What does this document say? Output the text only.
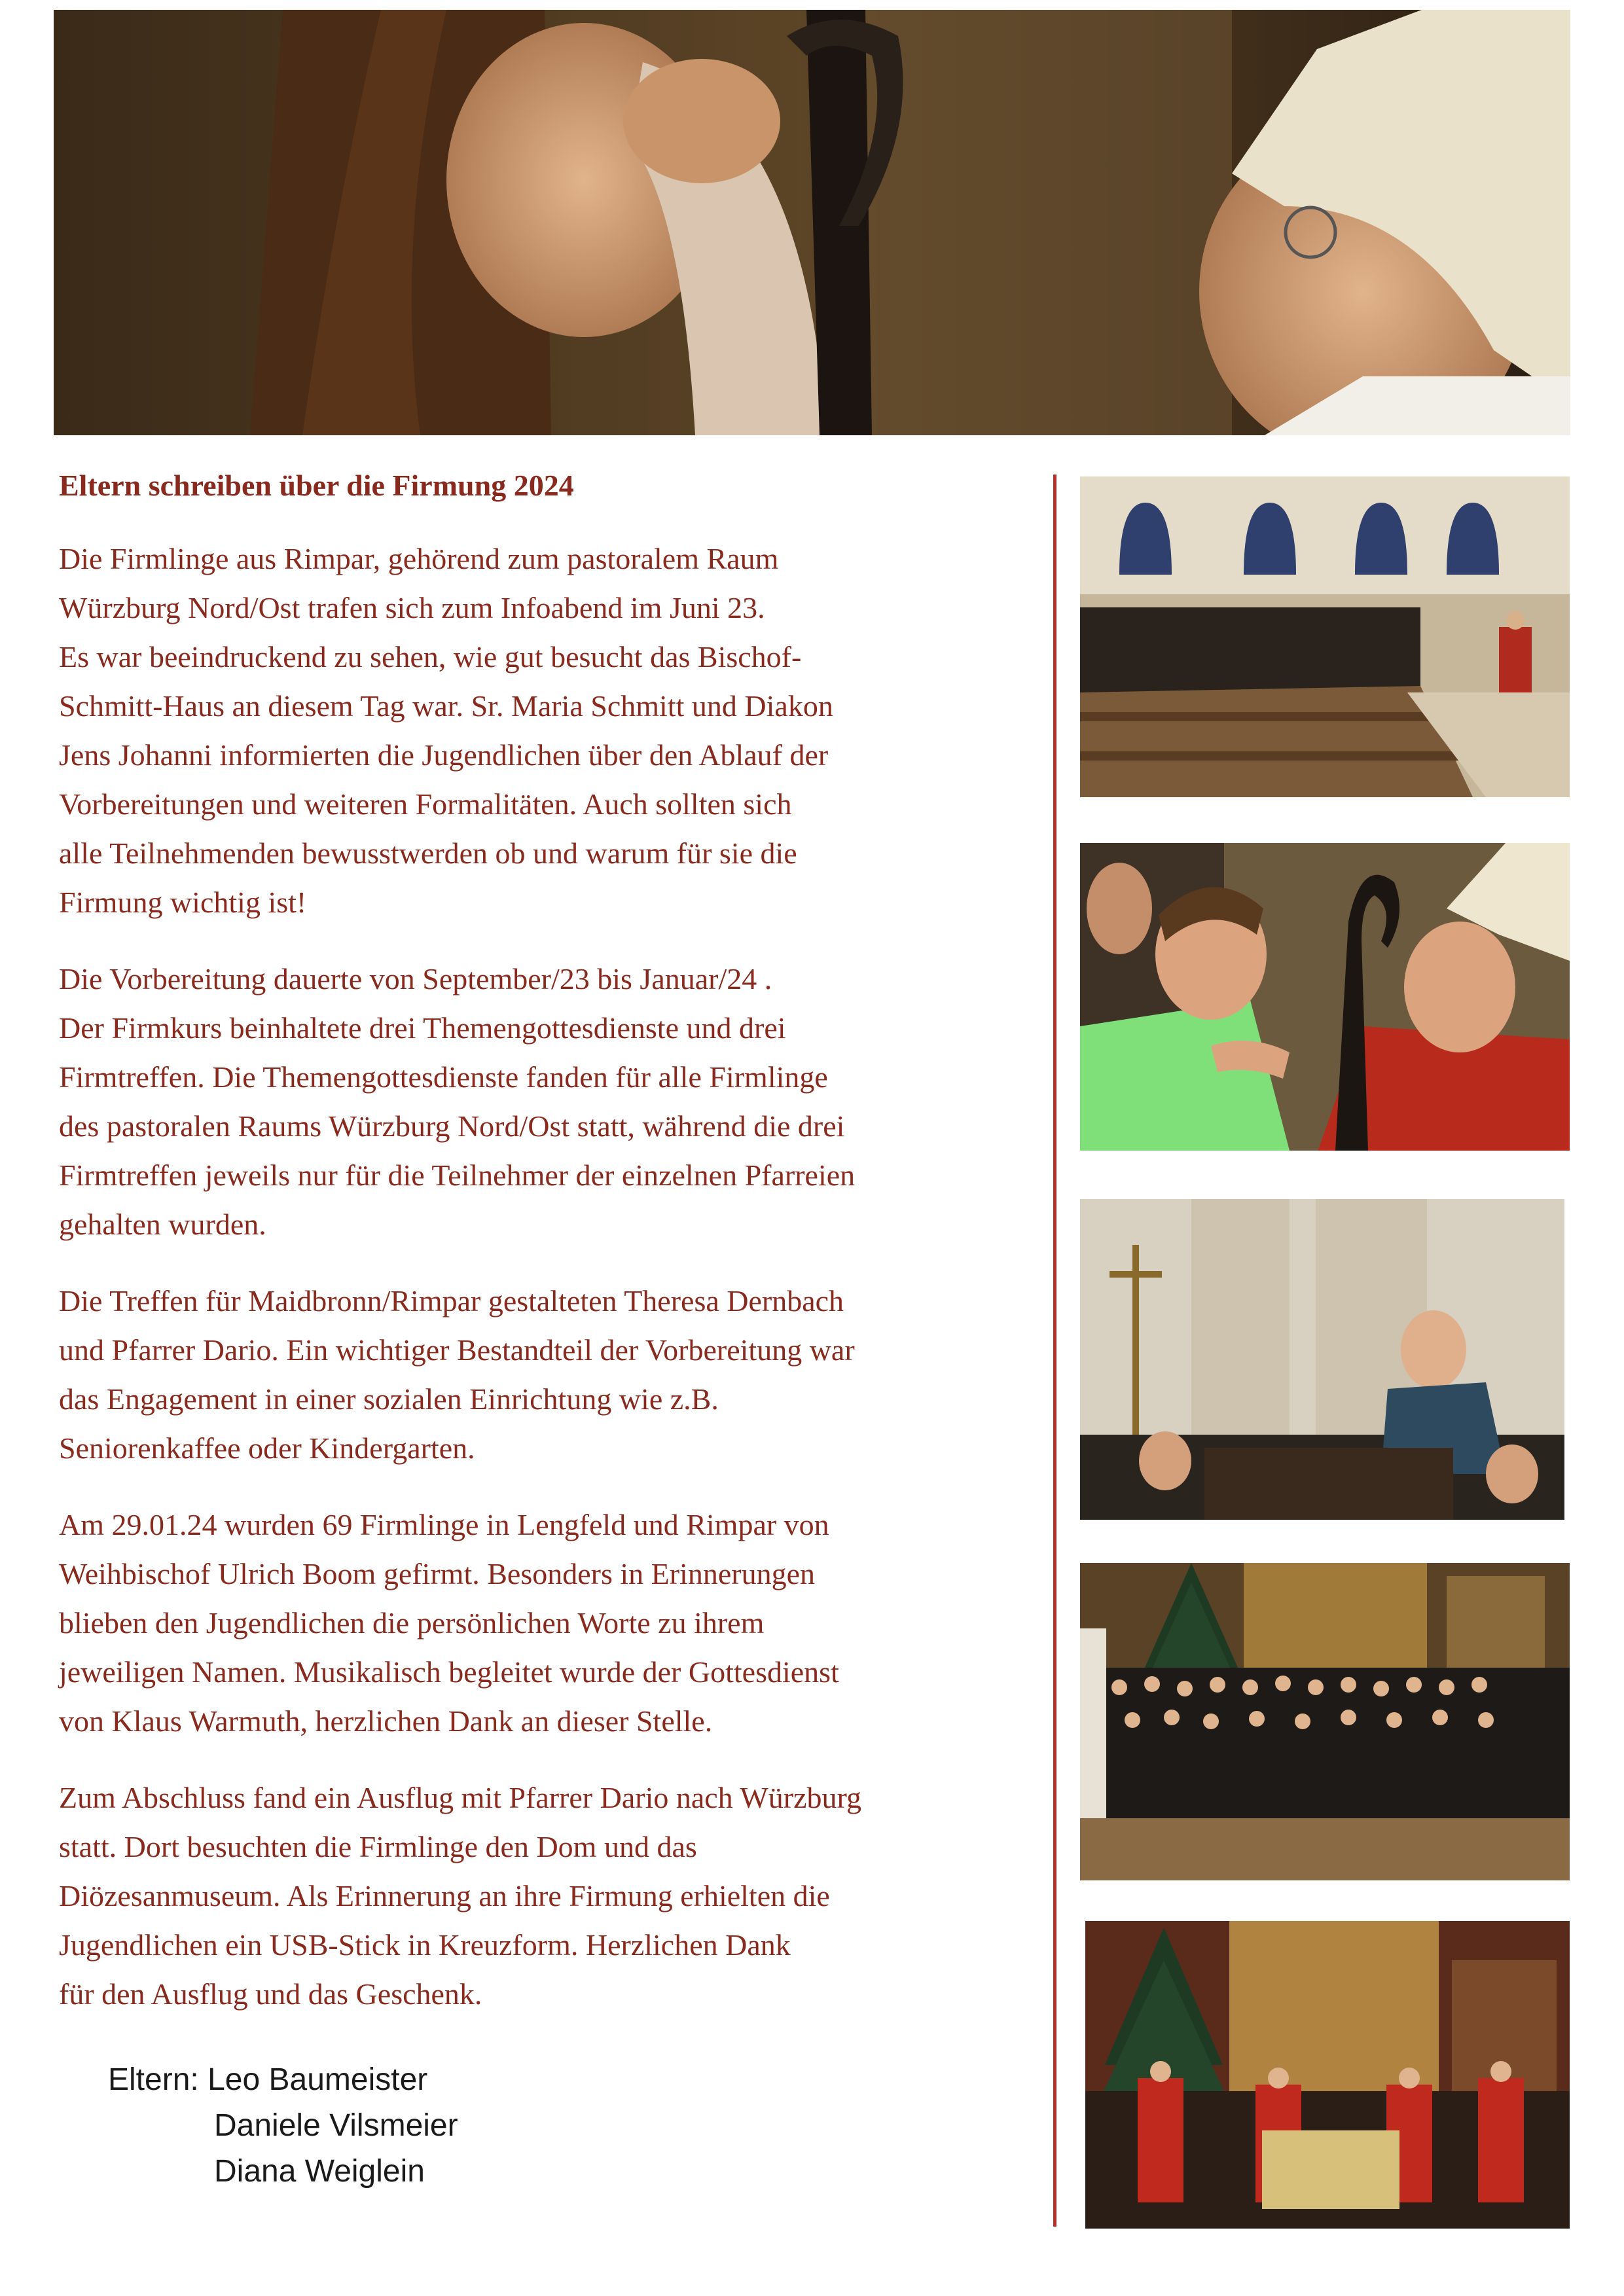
Eltern schreiben über die Firmung 2024
Die Firmlinge aus Rimpar, gehörend zum pastoralem Raum
Würzburg Nord/Ost trafen sich zum Infoabend im Juni 23.
Es war beeindruckend zu sehen, wie gut besucht das Bischof-
Schmitt-Haus an diesem Tag war. Sr. Maria Schmitt und Diakon
Jens Johanni informierten die Jugendlichen über den Ablauf der
Vorbereitungen und weiteren Formalitäten. Auch sollten sich
alle Teilnehmenden bewusstwerden ob und warum für sie die
Firmung wichtig ist!
Die Vorbereitung dauerte von September/23 bis Januar/24 .
Der Firmkurs beinhaltete drei Themengottesdienste und drei
Firmtreffen. Die Themengottesdienste fanden für alle Firmlinge
des pastoralen Raums Würzburg Nord/Ost statt, während die drei
Firmtreffen jeweils nur für die Teilnehmer der einzelnen Pfarreien
gehalten wurden.
Die Treffen für Maidbronn/Rimpar gestalteten Theresa Dernbach
und Pfarrer Dario. Ein wichtiger Bestandteil der Vorbereitung war
das Engagement in einer sozialen Einrichtung wie z.B.
Seniorenkaffee oder Kindergarten.
Am 29.01.24 wurden 69 Firmlinge in Lengfeld und Rimpar von
Weihbischof Ulrich Boom gefirmt. Besonders in Erinnerungen
blieben den Jugendlichen die persönlichen Worte zu ihrem
jeweiligen Namen. Musikalisch begleitet wurde der Gottesdienst
von Klaus Warmuth, herzlichen Dank an dieser Stelle.
Zum Abschluss fand ein Ausflug mit Pfarrer Dario nach Würzburg
statt. Dort besuchten die Firmlinge den Dom und das
Diözesanmuseum. Als Erinnerung an ihre Firmung erhielten die
Jugendlichen ein USB-Stick in Kreuzform. Herzlichen Dank
für den Ausflug und das Geschenk.
Eltern: Leo Baumeister
Daniele Vilsmeier
Diana Weiglein
